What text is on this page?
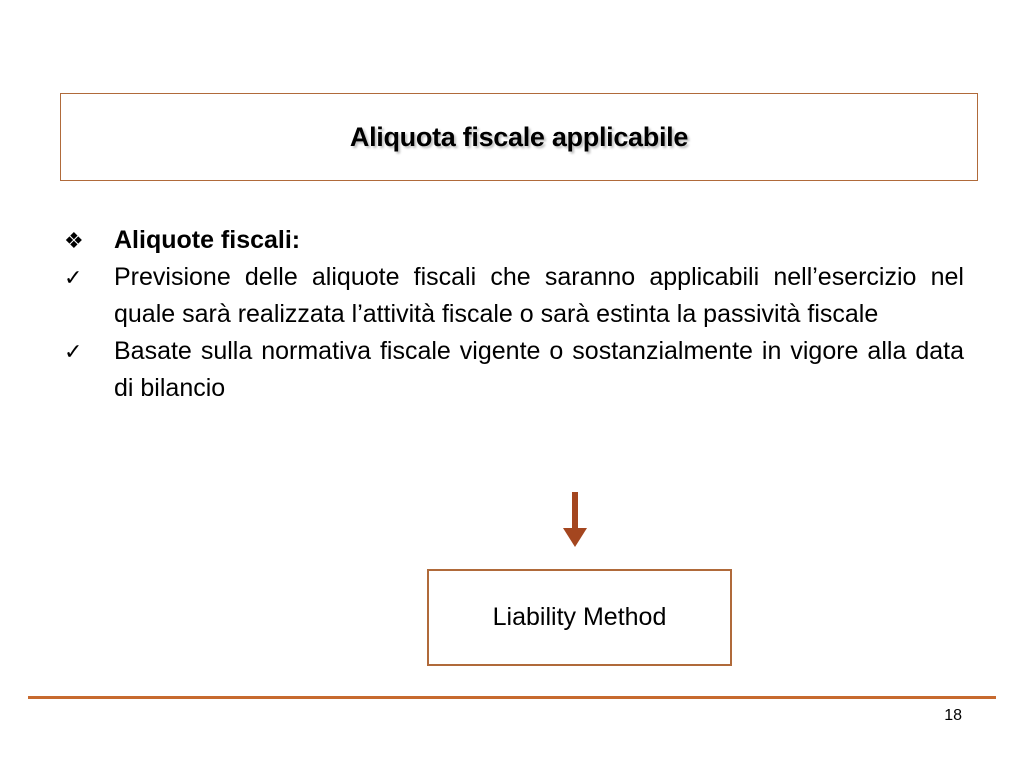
Aliquota fiscale applicabile
❖	Aliquote fiscali:
✓	Previsione delle aliquote fiscali che saranno applicabili nell’esercizio nel quale sarà realizzata l’attività fiscale o sarà estinta la passività fiscale
✓	Basate sulla normativa fiscale vigente o sostanzialmente in vigore alla data di bilancio
Liability Method
18
